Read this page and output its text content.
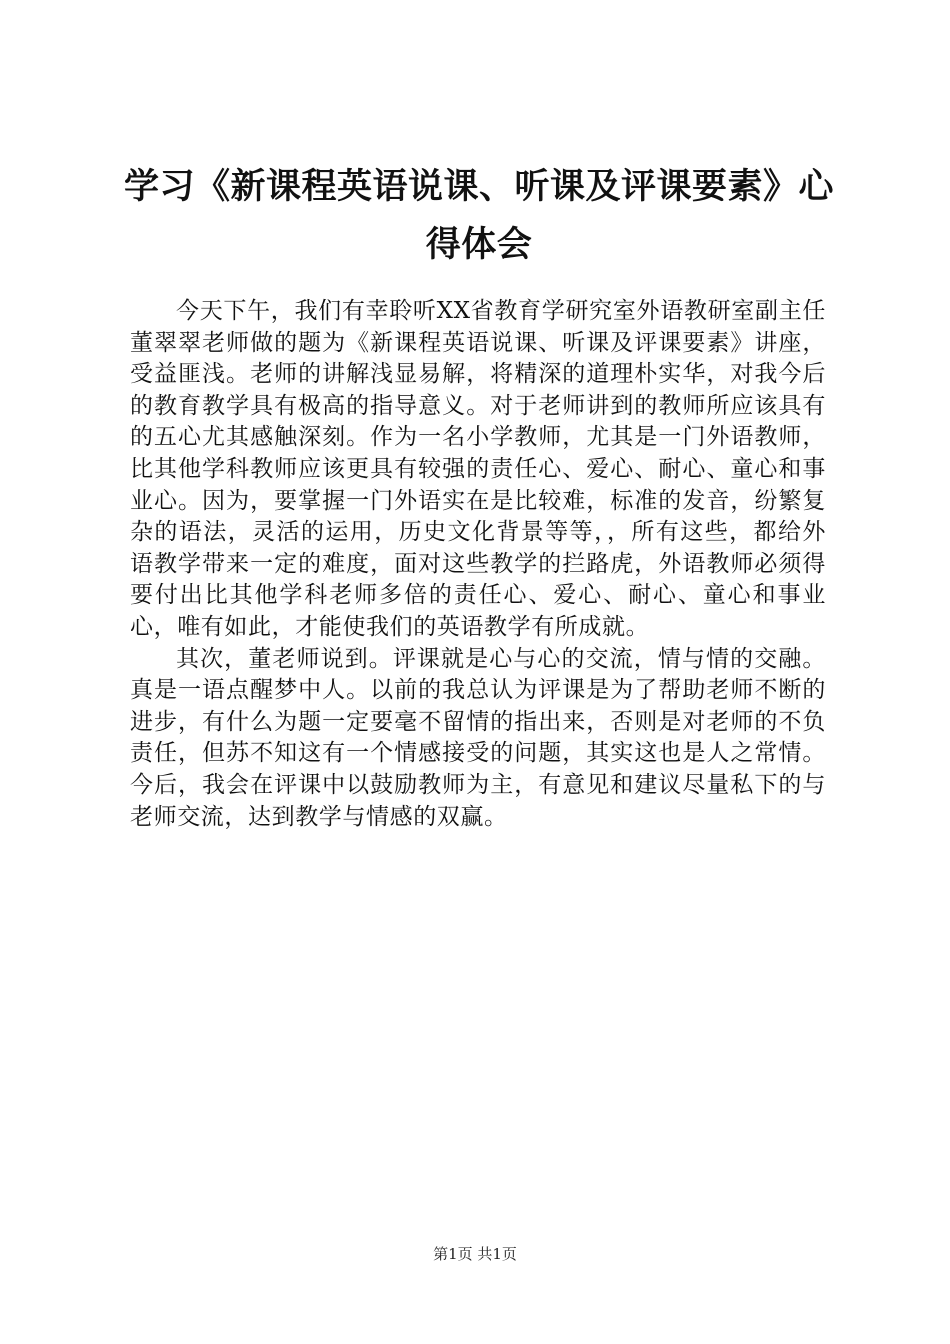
学习《新课程英语说课、听课及评课要素》心得体会

今天下午，我们有幸聆听XX省教育学研究室外语教研室副主任董翠翠老师做的题为《新课程英语说课、听课及评课要素》讲座，受益匪浅。老师的讲解浅显易解，将精深的道理朴实华，对我今后的教育教学具有极高的指导意义。对于老师讲到的教师所应该具有的五心尤其感触深刻。作为一名小学教师，尤其是一门外语教师，比其他学科教师应该更具有较强的责任心、爱心、耐心、童心和事业心。因为，要掌握一门外语实在是比较难，标准的发音，纷繁复杂的语法，灵活的运用，历史文化背景等等，，所有这些，都给外语教学带来一定的难度，面对这些教学的拦路虎，外语教师必须得要付出比其他学科老师多倍的责任心、爱心、耐心、童心和事业心，唯有如此，才能使我们的英语教学有所成就。

其次，董老师说到。评课就是心与心的交流，情与情的交融。真是一语点醒梦中人。以前的我总认为评课是为了帮助老师不断的进步，有什么为题一定要毫不留情的指出来，否则是对老师的不负责任，但苏不知这有一个情感接受的问题，其实这也是人之常情。今后，我会在评课中以鼓励教师为主，有意见和建议尽量私下的与老师交流，达到教学与情感的双赢。

第1页 共1页
